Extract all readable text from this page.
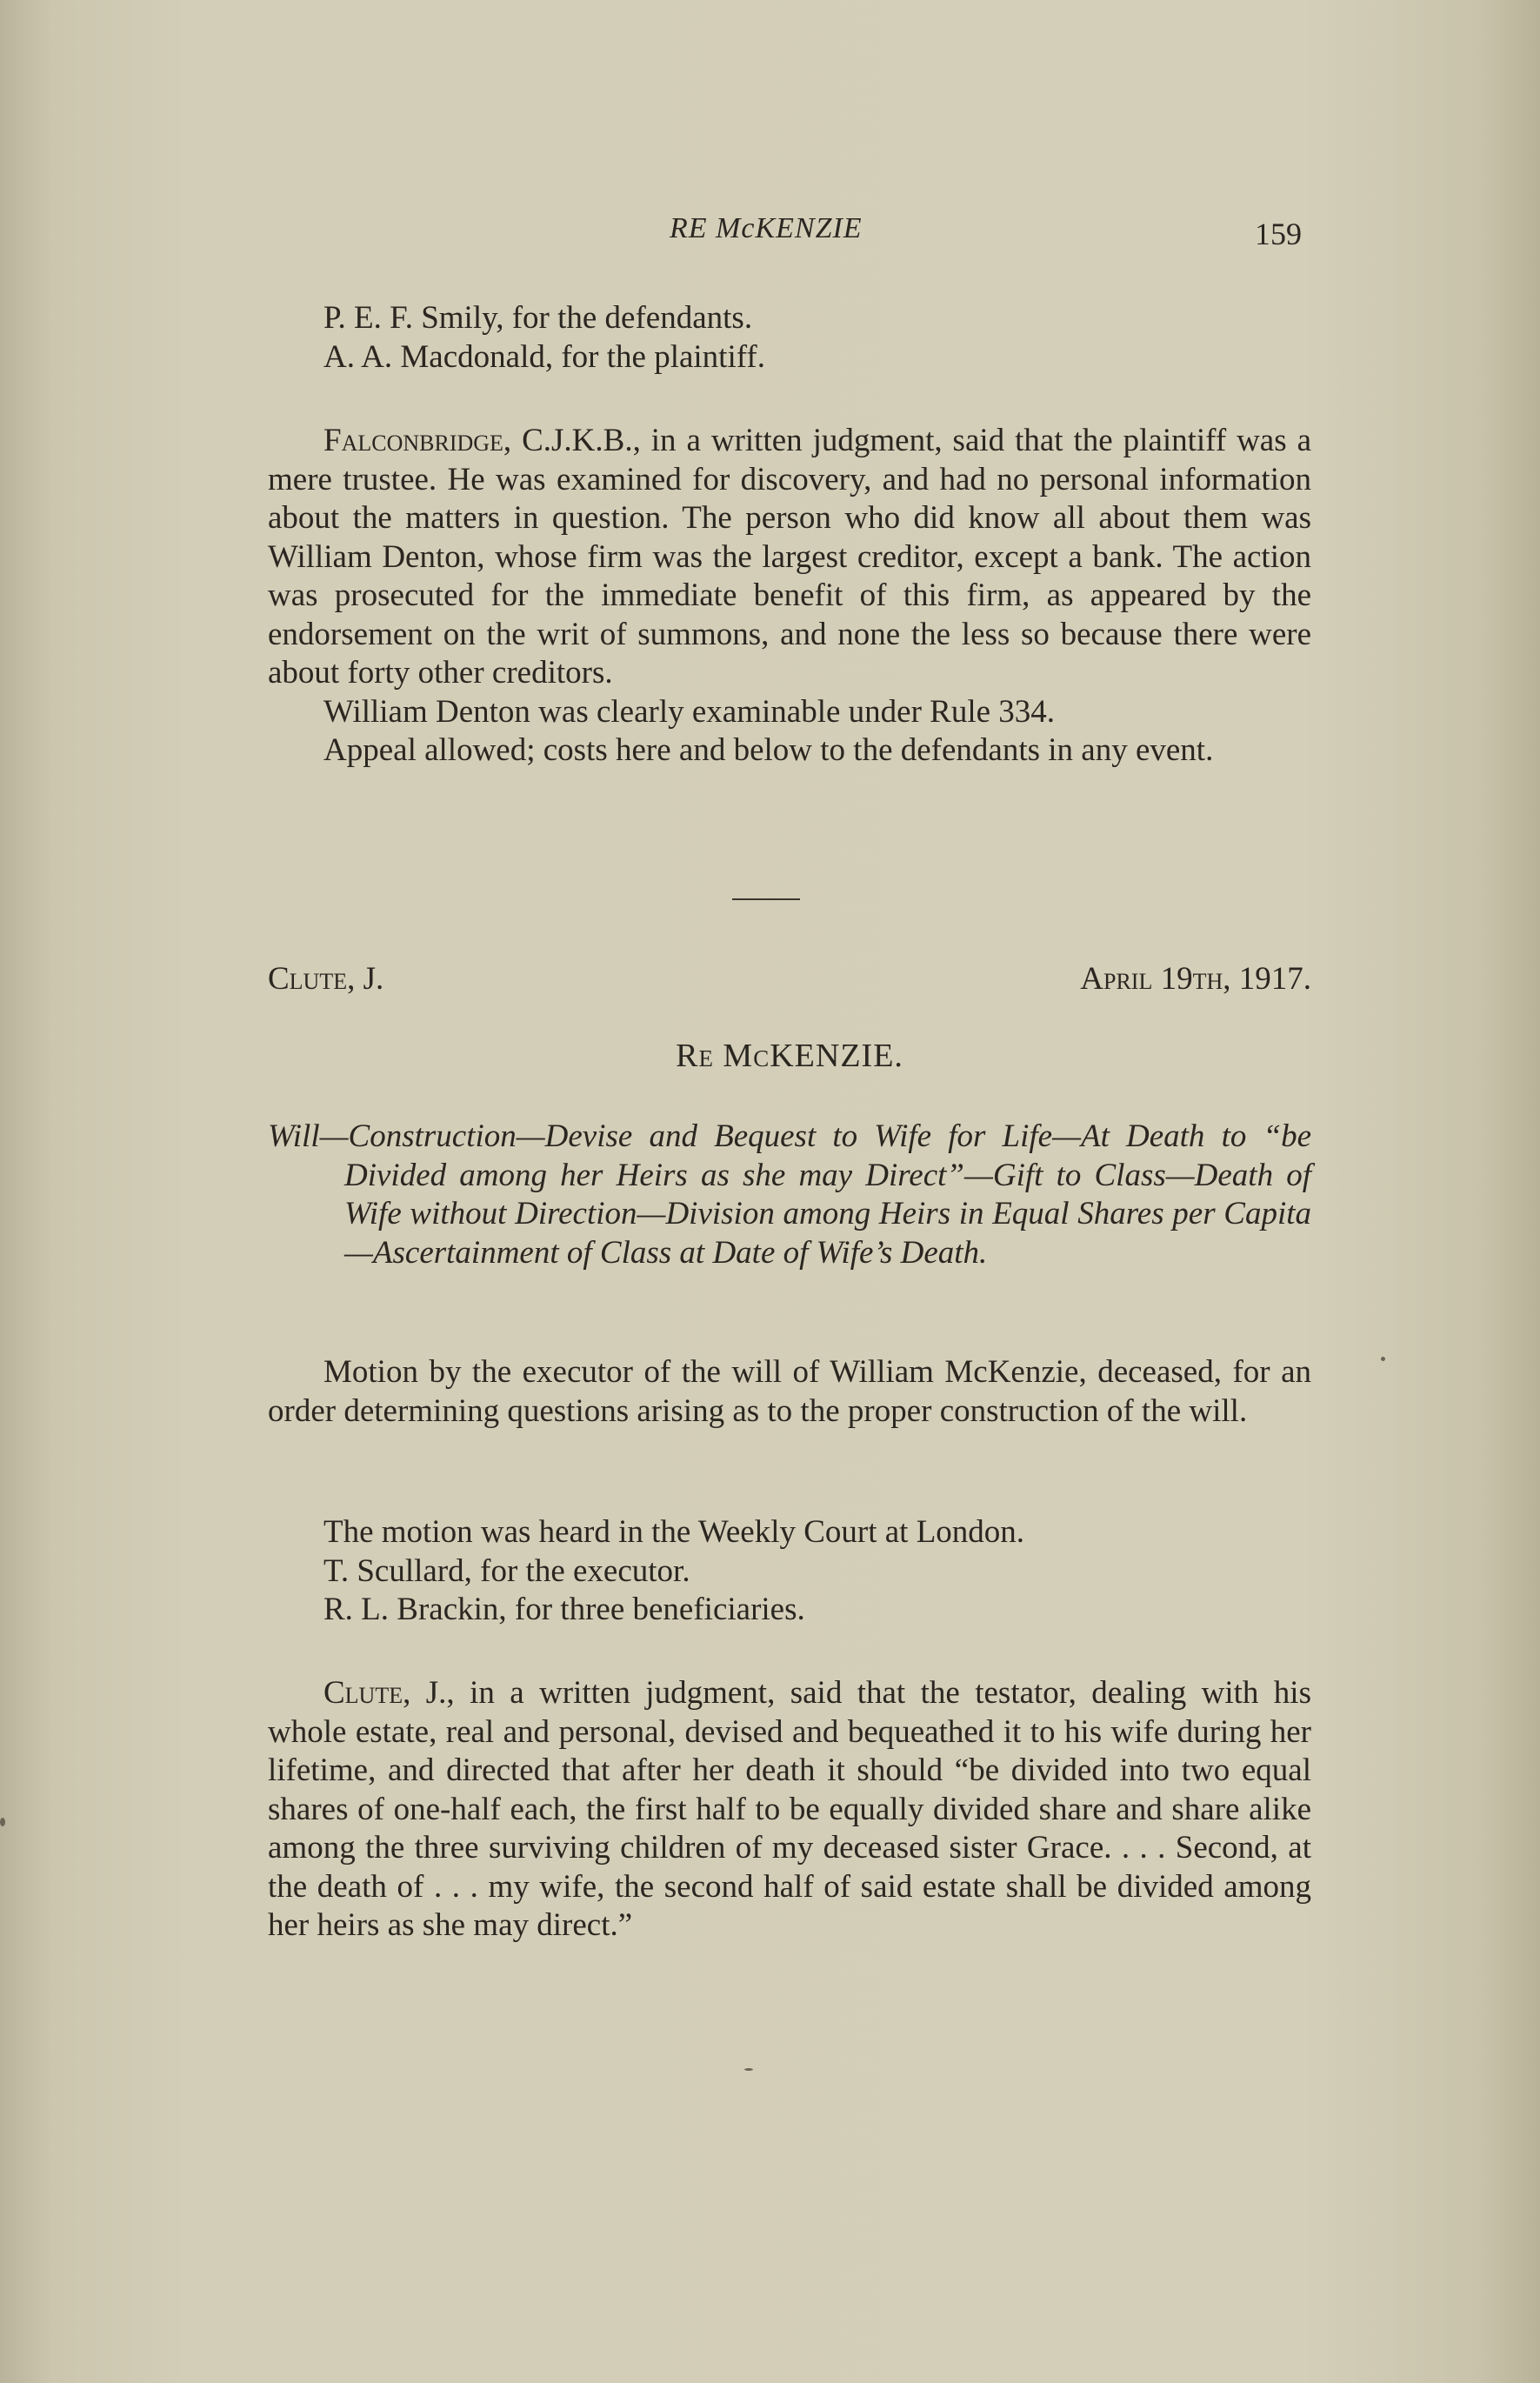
RE McKENZIE	159
P. E. F. Smily, for the defendants.
A. A. Macdonald, for the plaintiff.
Falconbridge, C.J.K.B., in a written judgment, said that the plaintiff was a mere trustee. He was examined for discovery, and had no personal information about the matters in question. The person who did know all about them was William Denton, whose firm was the largest creditor, except a bank. The action was prosecuted for the immediate benefit of this firm, as appeared by the endorsement on the writ of summons, and none the less so because there were about forty other creditors.
William Denton was clearly examinable under Rule 334.
Appeal allowed; costs here and below to the defendants in any event.
Clute, J.	April 19th, 1917.
Re McKENZIE.
Will—Construction—Devise and Bequest to Wife for Life—At Death to “be Divided among her Heirs as she may Direct”—Gift to Class—Death of Wife without Direction—Division among Heirs in Equal Shares per Capita—Ascertainment of Class at Date of Wife’s Death.
Motion by the executor of the will of William McKenzie, deceased, for an order determining questions arising as to the proper construction of the will.
The motion was heard in the Weekly Court at London.
T. Scullard, for the executor.
R. L. Brackin, for three beneficiaries.
Clute, J., in a written judgment, said that the testator, dealing with his whole estate, real and personal, devised and bequeathed it to his wife during her lifetime, and directed that after her death it should “be divided into two equal shares of one-half each, the first half to be equally divided share and share alike among the three surviving children of my deceased sister Grace. . . . Second, at the death of . . . my wife, the second half of said estate shall be divided among her heirs as she may direct.”
